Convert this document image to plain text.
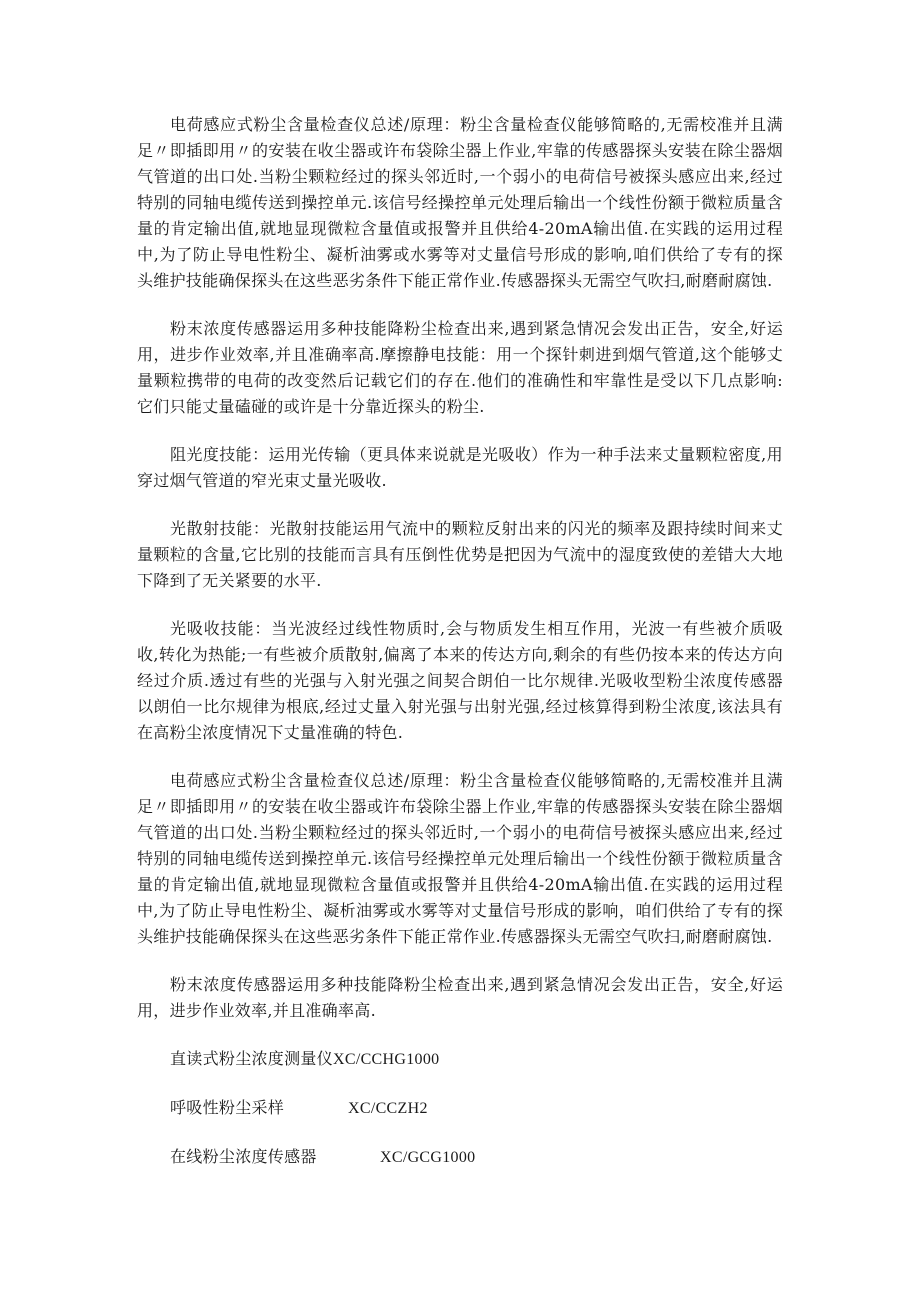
电荷感应式粉尘含量检查仪总述/原理：粉尘含量检查仪能够简略的,无需校准并且满足〃即插即用〃的安装在收尘器或许布袋除尘器上作业,牢靠的传感器探头安装在除尘器烟气管道的出口处.当粉尘颗粒经过的探头邻近时,一个弱小的电荷信号被探头感应出来,经过特别的同轴电缆传送到操控单元.该信号经操控单元处理后输出一个线性份额于微粒质量含量的肯定输出值,就地显现微粒含量值或报警并且供给4-20mA输出值.在实践的运用过程中,为了防止导电性粉尘、凝析油雾或水雾等对丈量信号形成的影响,咱们供给了专有的探头维护技能确保探头在这些恶劣条件下能正常作业.传感器探头无需空气吹扫,耐磨耐腐蚀.

粉末浓度传感器运用多种技能降粉尘检查出来,遇到紧急情况会发出正告，安全,好运用，进步作业效率,并且准确率高.摩擦静电技能：用一个探针刺进到烟气管道,这个能够丈量颗粒携带的电荷的改变然后记载它们的存在.他们的准确性和牢靠性是受以下几点影响:它们只能丈量磕碰的或许是十分靠近探头的粉尘.

阻光度技能：运用光传输（更具体来说就是光吸收）作为一种手法来丈量颗粒密度,用穿过烟气管道的窄光束丈量光吸收.

光散射技能：光散射技能运用气流中的颗粒反射出来的闪光的频率及跟持续时间来丈量颗粒的含量,它比别的技能而言具有压倒性优势是把因为气流中的湿度致使的差错大大地下降到了无关紧要的水平.

光吸收技能：当光波经过线性物质时,会与物质发生相互作用，光波一有些被介质吸收,转化为热能;一有些被介质散射,偏离了本来的传达方向,剩余的有些仍按本来的传达方向经过介质.透过有些的光强与入射光强之间契合朗伯一比尔规律.光吸收型粉尘浓度传感器以朗伯一比尔规律为根底,经过丈量入射光强与出射光强,经过核算得到粉尘浓度,该法具有在高粉尘浓度情况下丈量准确的特色.

电荷感应式粉尘含量检查仪总述/原理：粉尘含量检查仪能够简略的,无需校准并且满足〃即插即用〃的安装在收尘器或许布袋除尘器上作业,牢靠的传感器探头安装在除尘器烟气管道的出口处.当粉尘颗粒经过的探头邻近时,一个弱小的电荷信号被探头感应出来,经过特别的同轴电缆传送到操控单元.该信号经操控单元处理后输出一个线性份额于微粒质量含量的肯定输出值,就地显现微粒含量值或报警并且供给4-20mA输出值.在实践的运用过程中,为了防止导电性粉尘、凝析油雾或水雾等对丈量信号形成的影响，咱们供给了专有的探头维护技能确保探头在这些恶劣条件下能正常作业.传感器探头无需空气吹扫,耐磨耐腐蚀.

粉末浓度传感器运用多种技能降粉尘检查出来,遇到紧急情况会发出正告，安全,好运用，进步作业效率,并且准确率高.

直读式粉尘浓度测量仪XC/CCHG1000
呼吸性粉尘采样	XC/CCZH2
在线粉尘浓度传感器	XC/GCG1000
